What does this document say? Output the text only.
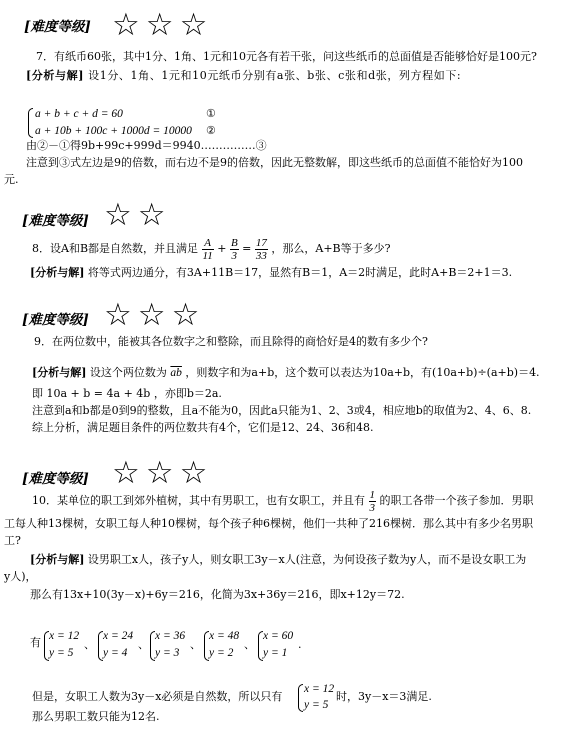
[难度等级] ☆☆☆
7．有纸币60张，其中1分、1角、1元和10元各有若干张，问这些纸币的总面值是否能够恰好是100元?
[分析与解] 设1分、1角、1元和10元纸币分别有a张、b张、c张和d张，列方程如下:
a + b + c + d = 60	①
a + 10b + 100c + 1000d = 10000 ②
由②－①得9b+99c+999d＝9940……………③
注意到③式左边是9的倍数，而右边不是9的倍数，因此无整数解，即这些纸币的总面值不能恰好为100
元.
[难度等级] ☆☆
8．设A和B都是自然数，并且满足 $\frac{A}{11} + \frac{B}{3} = \frac{17}{33}$ ，那么，A+B等于多少?
[分析与解] 将等式两边通分，有3A+11B＝17，显然有B＝1，A＝2时满足，此时A+B＝2+1＝3.
[难度等级] ☆☆☆
9．在两位数中，能被其各位数字之和整除，而且除得的商恰好是4的数有多少个?
[分析与解] 设这个两位数为 $\overline{ab}$ ，则数字和为a+b，这个数可以表达为10a+b，有(10a+b)÷(a+b)＝4.
即 10a + b = 4a + 4b ，亦即b＝2a.
注意到a和b都是0到9的整数，且a不能为0，因此a只能为1、2、3或4，相应地b的取值为2、4、6、8.
综上分析，满足题目条件的两位数共有4个，它们是12、24、36和48.
[难度等级] ☆☆☆
10．某单位的职工到郊外植树，其中有男职工，也有女职工，并且有 $\frac{1}{3}$ 的职工各带一个孩子参加．男职
工每人种13棵树，女职工每人种10棵树，每个孩子种6棵树，他们一共种了216棵树．那么其中有多少名男职
工?
[分析与解] 设男职工x人，孩子y人，则女职工3y－x人(注意，为何设孩子数为y人，而不是设女职工为
y人)，
那么有13x+10(3y－x)+6y＝216，化简为3x+36y＝216，即x+12y＝72.
有 x = 12
y = 5
、
x = 24
y = 4
、
x = 36
y = 3
、
x = 48
y = 2
、
x = 60
y = 1
.
但是，女职工人数为3y－x必须是自然数，所以只有
x = 12
y = 5
时，3y－x＝3满足.
那么男职工数只能为12名.
